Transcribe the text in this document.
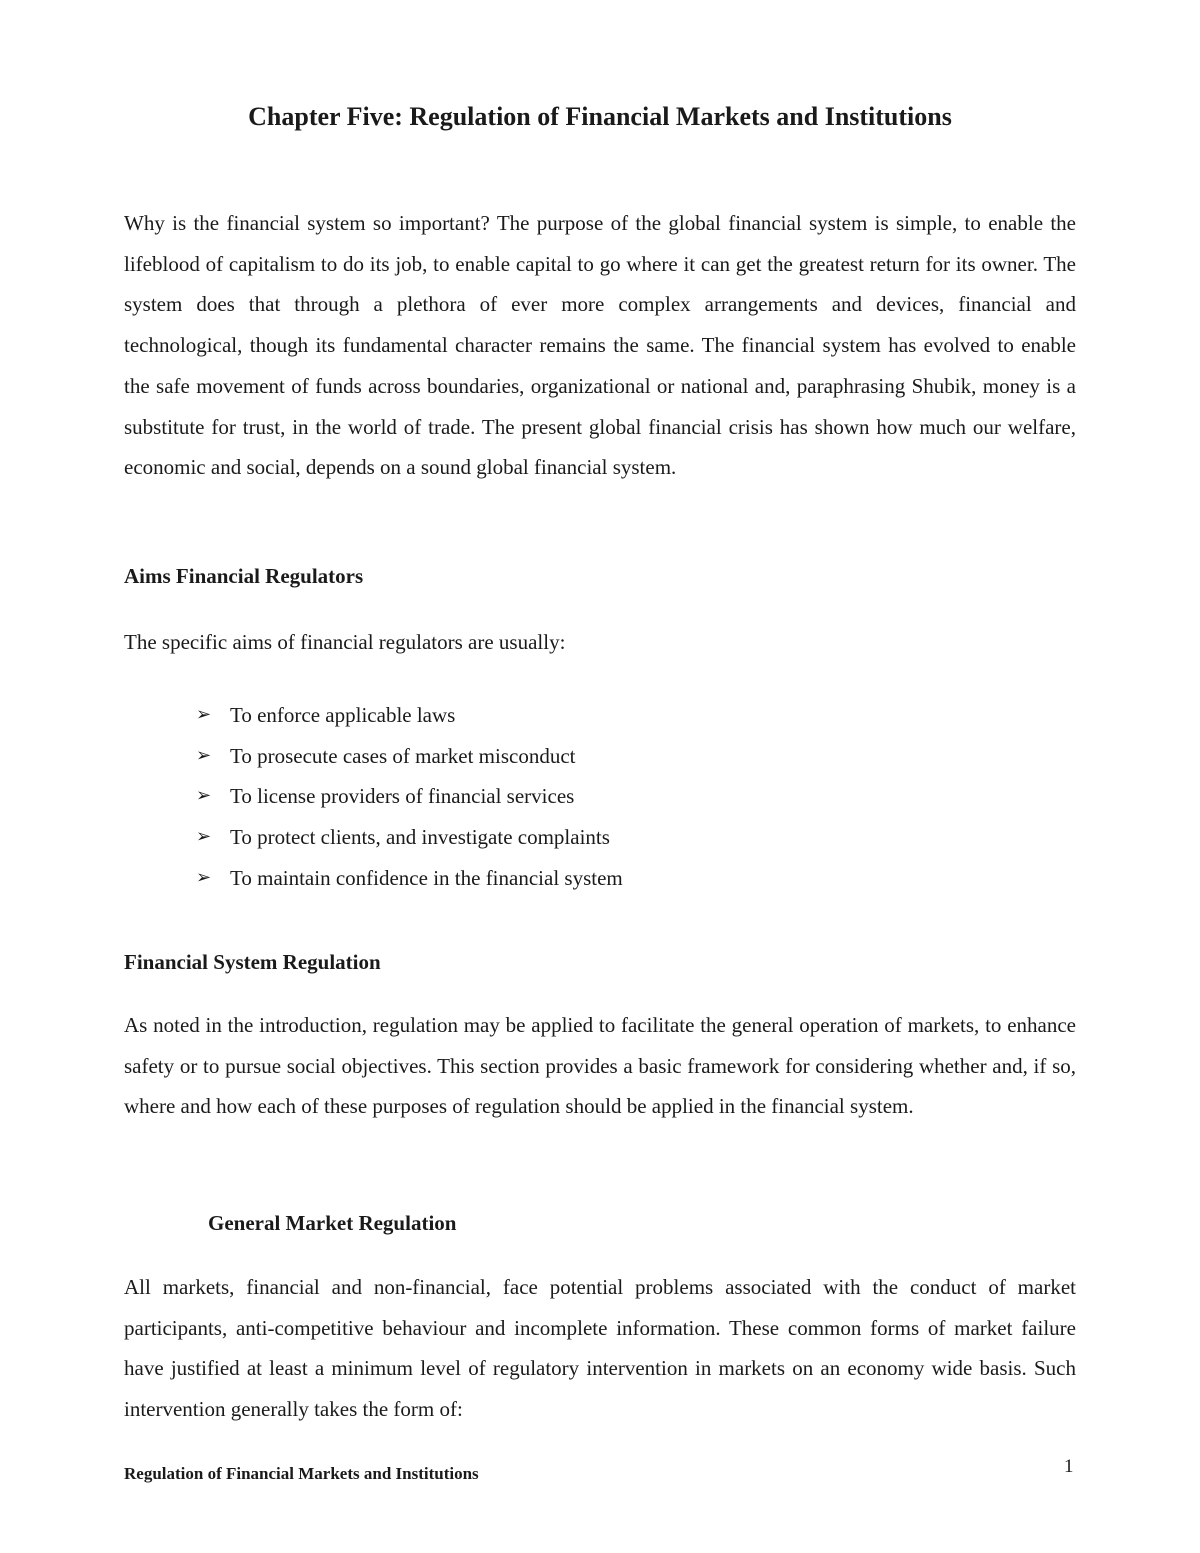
Chapter Five: Regulation of Financial Markets and Institutions

Why is the financial system so important? The purpose of the global financial system is simple, to enable the lifeblood of capitalism to do its job, to enable capital to go where it can get the greatest return for its owner. The system does that through a plethora of ever more complex arrangements and devices, financial and technological, though its fundamental character remains the same. The financial system has evolved to enable the safe movement of funds across boundaries, organizational or national and, paraphrasing Shubik, money is a substitute for trust, in the world of trade. The present global financial crisis has shown how much our welfare, economic and social, depends on a sound global financial system.

Aims Financial Regulators

The specific aims of financial regulators are usually:

➢ To enforce applicable laws
➢ To prosecute cases of market misconduct
➢ To license providers of financial services
➢ To protect clients, and investigate complaints
➢ To maintain confidence in the financial system
Financial System Regulation

As noted in the introduction, regulation may be applied to facilitate the general operation of markets, to enhance safety or to pursue social objectives. This section provides a basic framework for considering whether and, if so, where and how each of these purposes of regulation should be applied in the financial system.

General Market Regulation

All markets, financial and non-financial, face potential problems associated with the conduct of market participants, anti-competitive behaviour and incomplete information. These common forms of market failure have justified at least a minimum level of regulatory intervention in markets on an economy wide basis. Such intervention generally takes the form of:

Regulation of Financial Markets and Institutions	1
